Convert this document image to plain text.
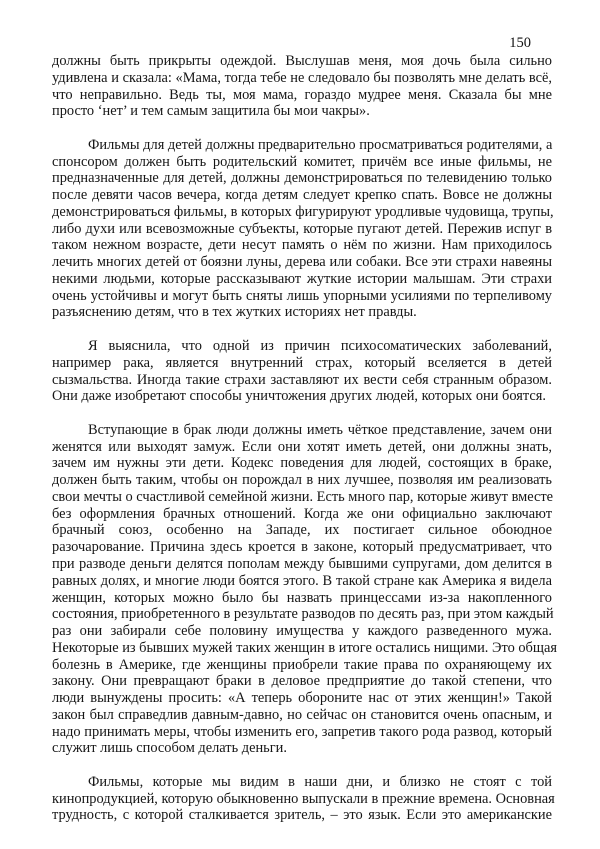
150
должны быть прикрыты одеждой. Выслушав меня, моя дочь была сильно
удивлена и сказала: «Мама, тогда тебе не следовало бы позволять мне делать всё,
что неправильно. Ведь ты, моя мама, гораздо мудрее меня. Сказала бы мне
просто ‘нет’ и тем самым защитила бы мои чакры».
Фильмы для детей должны предварительно просматриваться родителями, а
спонсором должен быть родительский комитет, причём все иные фильмы, не
предназначенные для детей, должны демонстрироваться по телевидению только
после девяти часов вечера, когда детям следует крепко спать. Вовсе не должны
демонстрироваться фильмы, в которых фигурируют уродливые чудовища, трупы,
либо духи или всевозможные субъекты, которые пугают детей. Пережив испуг в
таком нежном возрасте, дети несут память о нём по жизни. Нам приходилось
лечить многих детей от боязни луны, дерева или собаки. Все эти страхи навеяны
некими людьми, которые рассказывают жуткие истории малышам. Эти страхи
очень устойчивы и могут быть сняты лишь упорными усилиями по терпеливому
разъяснению детям, что в тех жутких историях нет правды.
Я выяснила, что одной из причин психосоматических заболеваний,
например рака, является внутренний страх, который вселяется в детей
сызмальства. Иногда такие страхи заставляют их вести себя странным образом.
Они даже изобретают способы уничтожения других людей, которых они боятся.
Вступающие в брак люди должны иметь чёткое представление, зачем они
женятся или выходят замуж. Если они хотят иметь детей, они должны знать,
зачем им нужны эти дети. Кодекс поведения для людей, состоящих в браке,
должен быть таким, чтобы он порождал в них лучшее, позволяя им реализовать
свои мечты о счастливой семейной жизни. Есть много пар, которые живут вместе
без оформления брачных отношений. Когда же они официально заключают
брачный союз, особенно на Западе, их постигает сильное обоюдное
разочарование. Причина здесь кроется в законе, который предусматривает, что
при разводе деньги делятся пополам между бывшими супругами, дом делится в
равных долях, и многие люди боятся этого. В такой стране как Америка я видела
женщин, которых можно было бы назвать принцессами из-за накопленного
состояния, приобретенного в результате разводов по десять раз, при этом каждый
раз они забирали себе половину имущества у каждого разведенного мужа.
Некоторые из бывших мужей таких женщин в итоге остались нищими. Это общая
болезнь в Америке, где женщины приобрели такие права по охраняющему их
закону. Они превращают браки в деловое предприятие до такой степени, что
люди вынуждены просить: «А теперь обороните нас от этих женщин!» Такой
закон был справедлив давным-давно, но сейчас он становится очень опасным, и
надо принимать меры, чтобы изменить его, запретив такого рода развод, который
служит лишь способом делать деньги.
Фильмы, которые мы видим в наши дни, и близко не стоят с той
кинопродукцией, которую обыкновенно выпускали в прежние времена. Основная
трудность, с которой сталкивается зритель, – это язык. Если это американские
